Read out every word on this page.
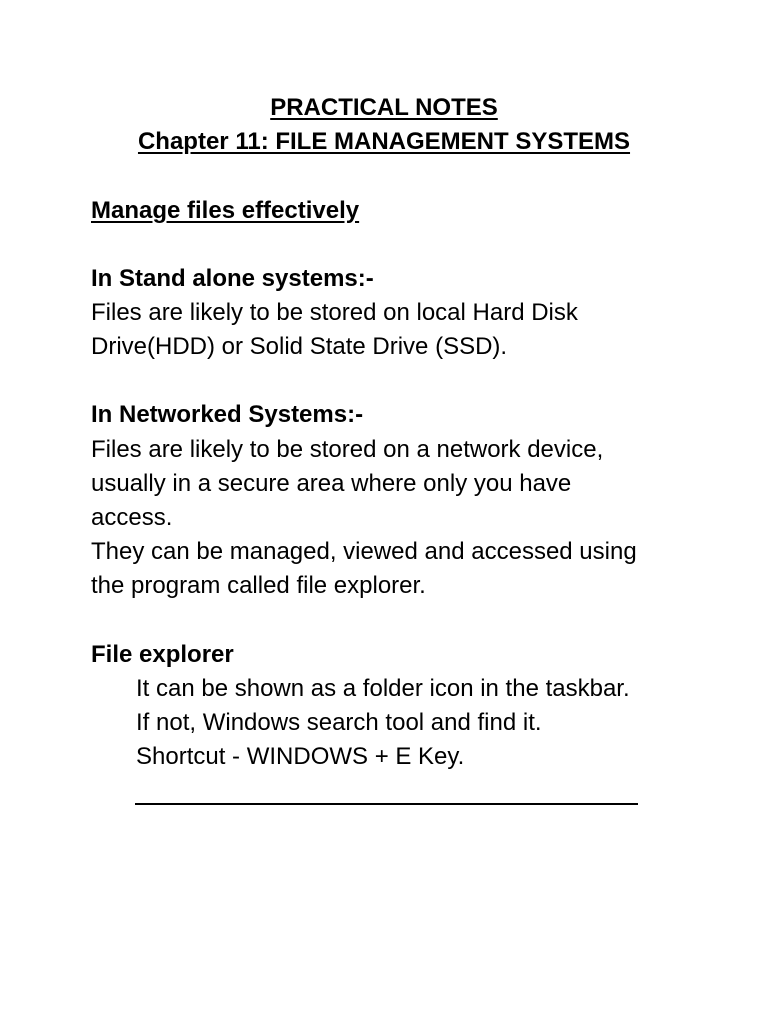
PRACTICAL NOTES
Chapter 11: FILE MANAGEMENT SYSTEMS
Manage files effectively
In Stand alone systems:-
Files are likely to be stored on local Hard Disk
Drive(HDD) or Solid State Drive (SSD).
In Networked Systems:-
Files are likely to be stored on a network device,
usually in a secure area where only you have
access.
They can be managed, viewed and accessed using
the program called file explorer.
File explorer
It can be shown as a folder icon in the taskbar.
If not, Windows search tool and find it.
Shortcut - WINDOWS + E Key.
